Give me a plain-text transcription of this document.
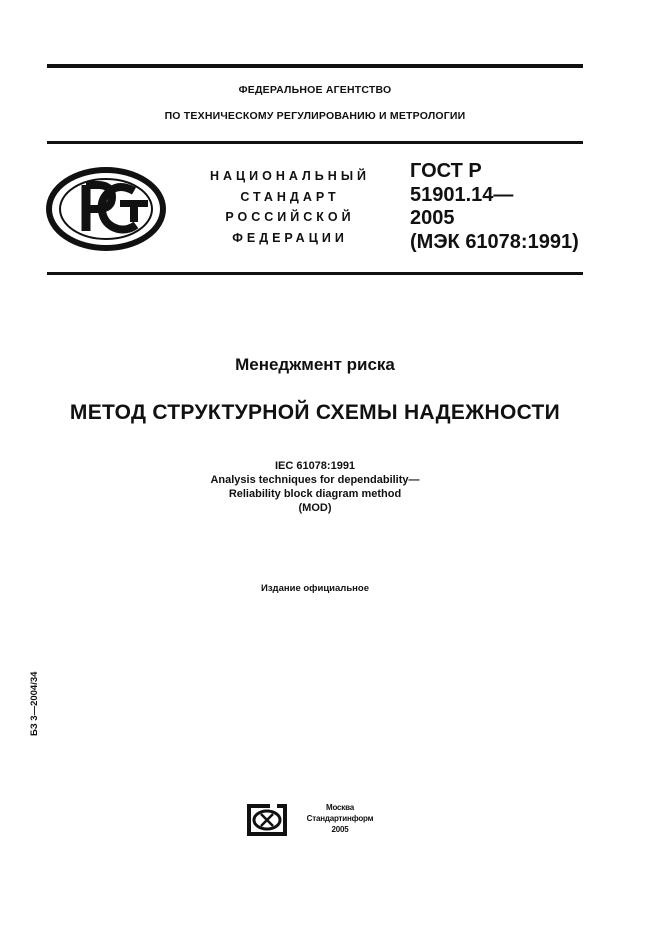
ФЕДЕРАЛЬНОЕ АГЕНТСТВО
ПО ТЕХНИЧЕСКОМУ РЕГУЛИРОВАНИЮ И МЕТРОЛОГИИ
НАЦИОНАЛЬНЫЙ
СТАНДАРТ
РОССИЙСКОЙ
ФЕДЕРАЦИИ
ГОСТ Р
51901.14—
2005
(МЭК 61078:1991)
Менеджмент риска
МЕТОД СТРУКТУРНОЙ СХЕМЫ НАДЕЖНОСТИ
IEC 61078:1991
Analysis techniques for dependability—
Reliability block diagram method
(MOD)
Издание официальное
БЗ 3—2004/34
Москва
Стандартинформ
2005
